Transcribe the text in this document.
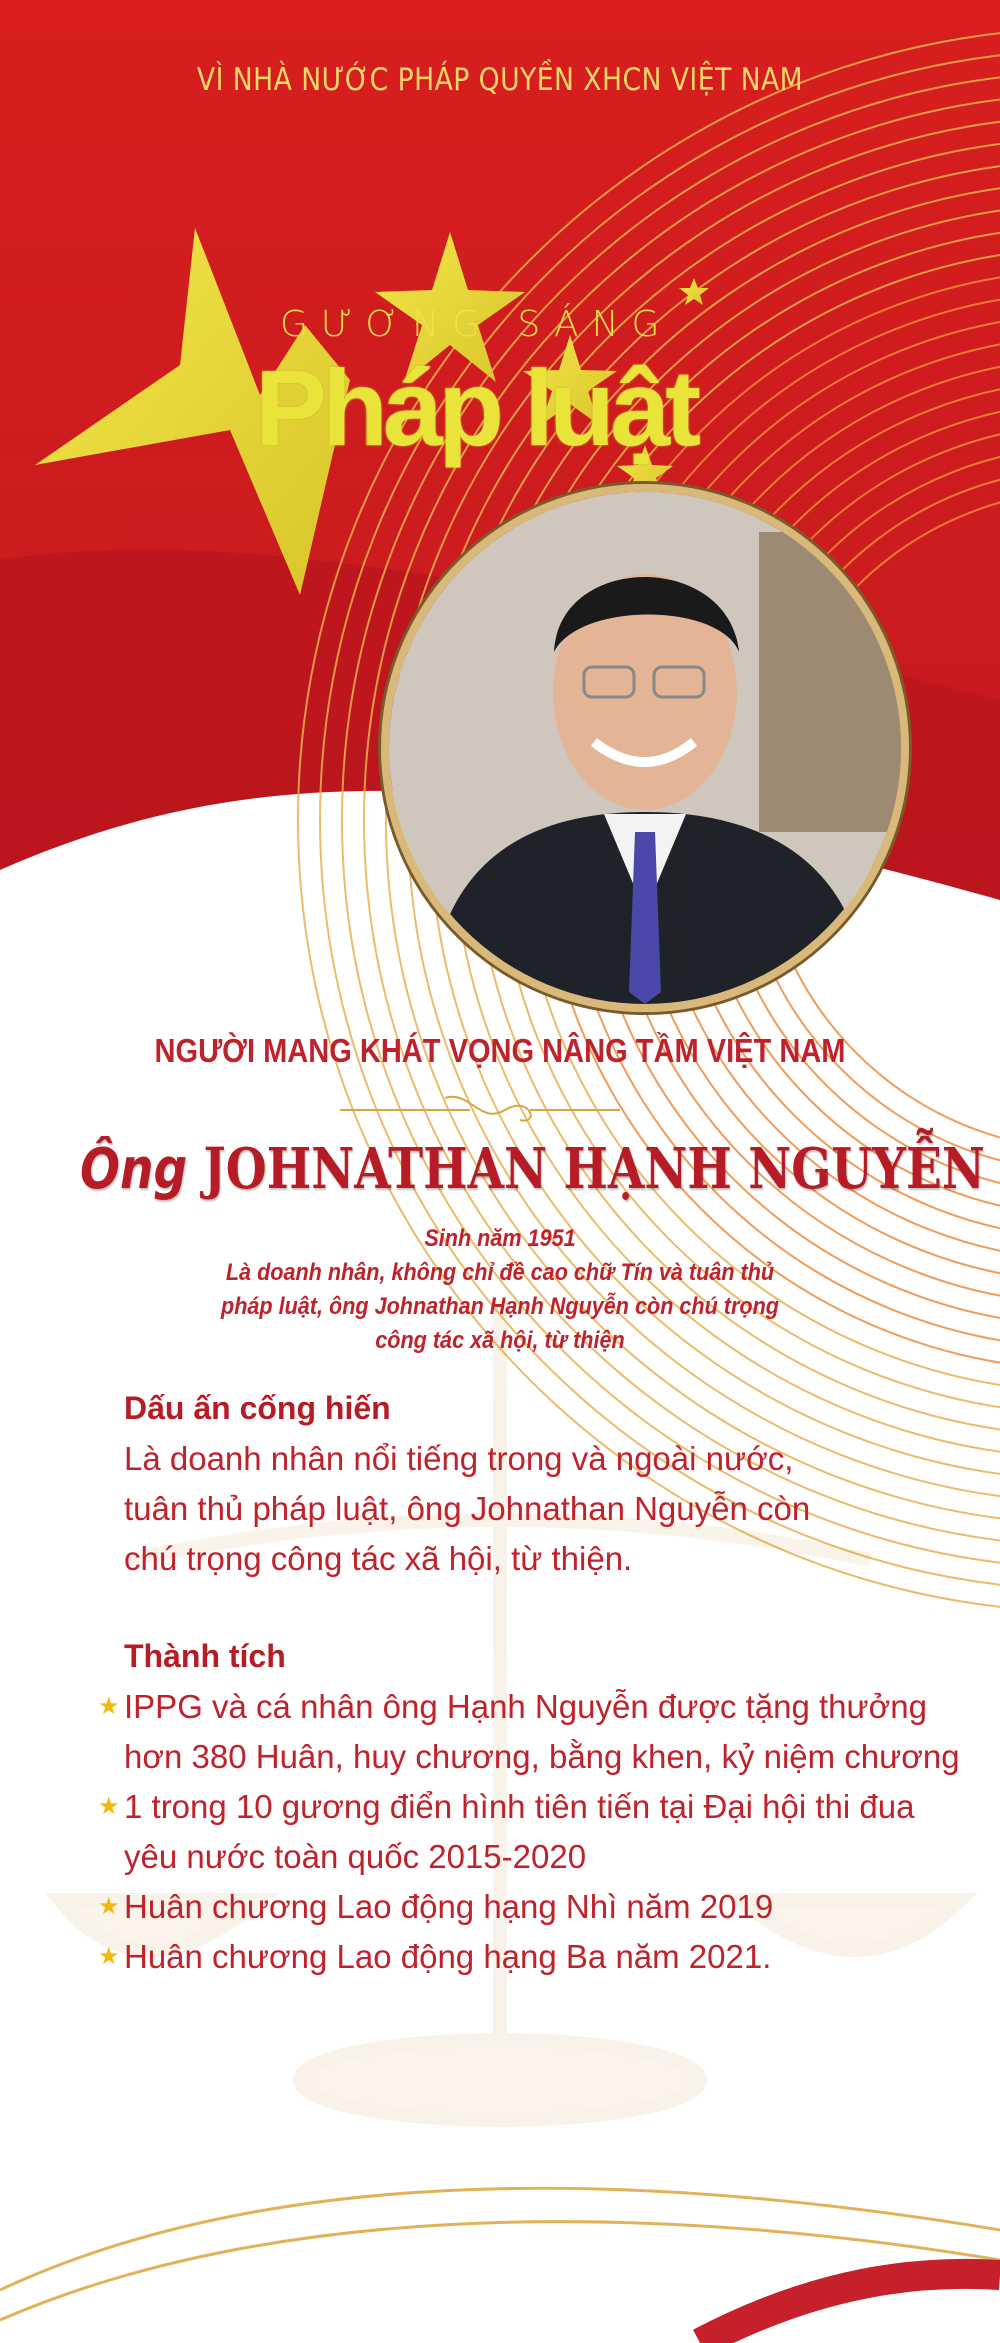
VÌ NHÀ NƯỚC PHÁP QUYỀN XHCN VIỆT NAM
GƯƠNG SÁNG
Pháp luật
NGƯỜI MANG KHÁT VỌNG NÂNG TẦM VIỆT NAM
Ông JOHNATHAN HẠNH NGUYỄN
Sinh năm 1951
Là doanh nhân, không chỉ đề cao chữ Tín và tuân thủ
pháp luật, ông Johnathan Hạnh Nguyễn còn chú trọng
công tác xã hội, từ thiện
Dấu ấn cống hiến
Là doanh nhân nổi tiếng trong và ngoài nước,
tuân thủ pháp luật, ông Johnathan Nguyễn còn
chú trọng công tác xã hội, từ thiện.
Thành tích
★ IPPG và cá nhân ông Hạnh Nguyễn được tặng thưởng hơn 380 Huân, huy chương, bằng khen, kỷ niệm chương
★ 1 trong 10 gương điển hình tiên tiến tại Đại hội thi đua yêu nước toàn quốc 2015-2020
★ Huân chương Lao động hạng Nhì năm 2019
★ Huân chương Lao động hạng Ba năm 2021.
